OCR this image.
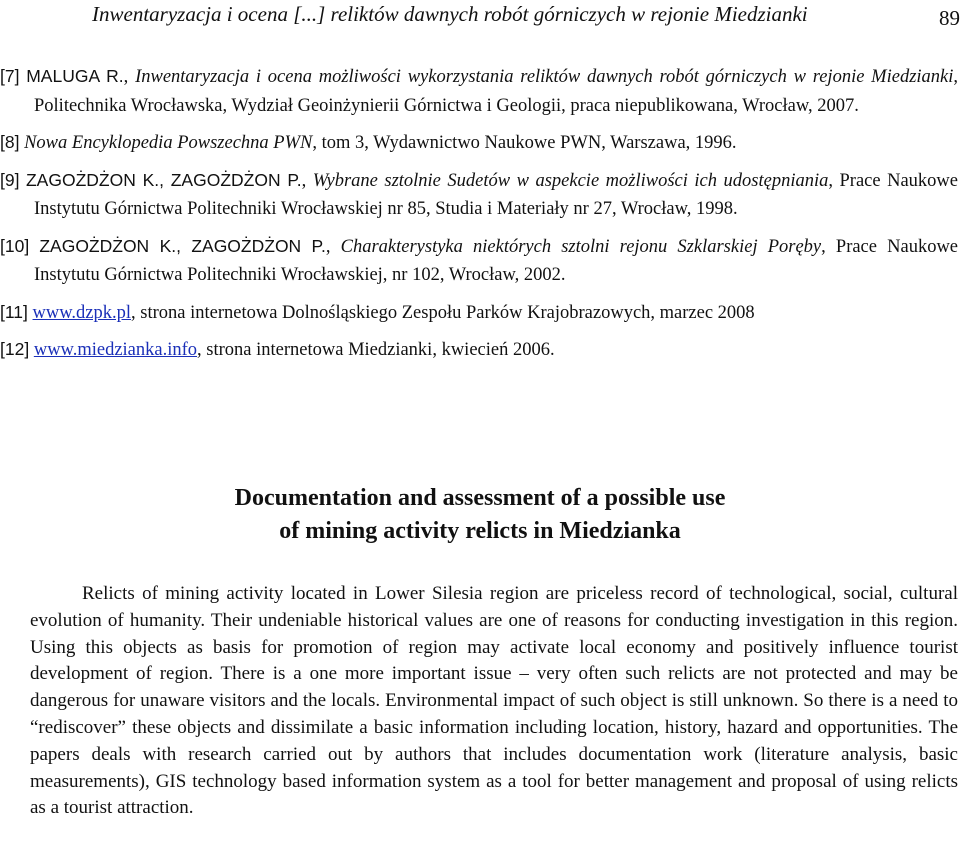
Inwentaryzacja i ocena [...] reliktów dawnych robót górniczych w rejonie Miedzianki	89
[7] MALUGA R., Inwentaryzacja i ocena możliwości wykorzystania reliktów dawnych robót górniczych w rejonie Miedzianki, Politechnika Wrocławska, Wydział Geoinżynierii Górnictwa i Geologii, praca niepublikowana, Wrocław, 2007.
[8] Nowa Encyklopedia Powszechna PWN, tom 3, Wydawnictwo Naukowe PWN, Warszawa, 1996.
[9] ZAGOŻDŻON K., ZAGOŻDŻON P., Wybrane sztolnie Sudetów w aspekcie możliwości ich udostępniania, Prace Naukowe Instytutu Górnictwa Politechniki Wrocławskiej nr 85, Studia i Materiały nr 27, Wrocław, 1998.
[10] ZAGOŻDŻON K., ZAGOŻDŻON P., Charakterystyka niektórych sztolni rejonu Szklarskiej Poręby, Prace Naukowe Instytutu Górnictwa Politechniki Wrocławskiej, nr 102, Wrocław, 2002.
[11] www.dzpk.pl, strona internetowa Dolnośląskiego Zespołu Parków Krajobrazowych, marzec 2008
[12] www.miedzianka.info, strona internetowa Miedzianki, kwiecień 2006.
Documentation and assessment of a possible use
of mining activity relicts in Miedzianka

Relicts of mining activity located in Lower Silesia region are priceless record of technological, social, cultural evolution of humanity. Their undeniable historical values are one of reasons for conducting investigation in this region. Using this objects as basis for promotion of region may activate local economy and positively influence tourist development of region. There is a one more important issue – very often such relicts are not protected and may be dangerous for unaware visitors and the locals. Environmental impact of such object is still unknown. So there is a need to “rediscover” these objects and dissimilate a basic information including location, history, hazard and opportunities. The papers deals with research carried out by authors that includes documentation work (literature analysis, basic measurements), GIS technology based information system as a tool for better management and proposal of using relicts as a tourist attraction.
